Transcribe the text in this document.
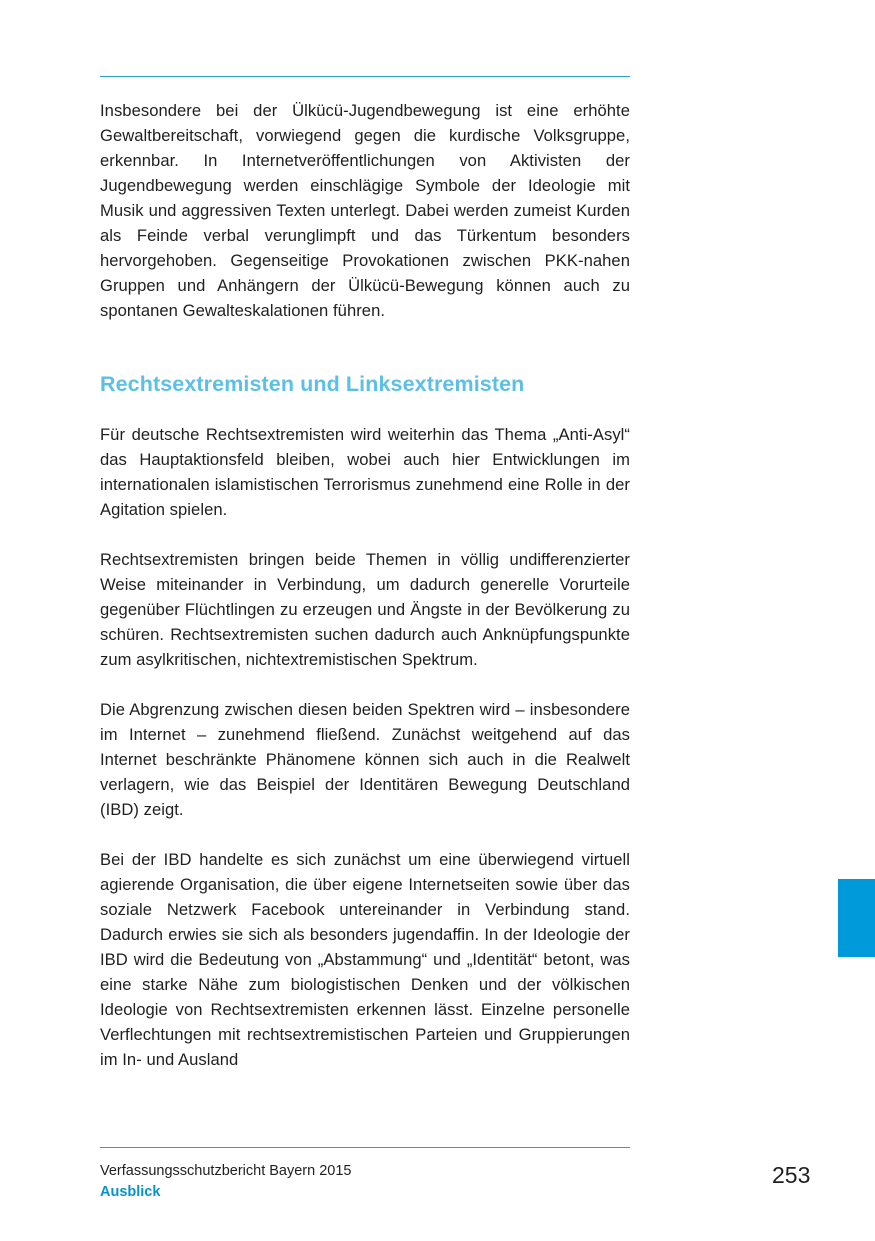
Insbesondere bei der Ülkücü-Jugendbewegung ist eine erhöhte Gewaltbereitschaft, vorwiegend gegen die kurdische Volksgruppe, erkennbar. In Internetveröffentlichungen von Aktivisten der Jugendbewegung werden einschlägige Symbole der Ideologie mit Musik und aggressiven Texten unterlegt. Dabei werden zumeist Kurden als Feinde verbal verunglimpft und das Türkentum besonders hervorgehoben. Gegenseitige Provokationen zwischen PKK-nahen Gruppen und Anhängern der Ülkücü-Bewegung können auch zu spontanen Gewalteskalationen führen.

Rechtsextremisten und Linksextremisten

Für deutsche Rechtsextremisten wird weiterhin das Thema „Anti-Asyl“ das Hauptaktionsfeld bleiben, wobei auch hier Entwicklungen im internationalen islamistischen Terrorismus zunehmend eine Rolle in der Agitation spielen.

Rechtsextremisten bringen beide Themen in völlig undifferenzierter Weise miteinander in Verbindung, um dadurch generelle Vorurteile gegenüber Flüchtlingen zu erzeugen und Ängste in der Bevölkerung zu schüren. Rechtsextremisten suchen dadurch auch Anknüpfungspunkte zum asylkritischen, nichtextremistischen Spektrum.

Die Abgrenzung zwischen diesen beiden Spektren wird – insbesondere im Internet – zunehmend fließend. Zunächst weitgehend auf das Internet beschränkte Phänomene können sich auch in die Realwelt verlagern, wie das Beispiel der Identitären Bewegung Deutschland (IBD) zeigt.

Bei der IBD handelte es sich zunächst um eine überwiegend virtuell agierende Organisation, die über eigene Internetseiten sowie über das soziale Netzwerk Facebook untereinander in Verbindung stand. Dadurch erwies sie sich als besonders jugendaffin. In der Ideologie der IBD wird die Bedeutung von „Abstammung“ und „Identität“ betont, was eine starke Nähe zum biologistischen Denken und der völkischen Ideologie von Rechtsextremisten erkennen lässt. Einzelne personelle Verflechtungen mit rechtsextremistischen Parteien und Gruppierungen im In- und Ausland

Verfassungsschutzbericht Bayern 2015
Ausblick
253
